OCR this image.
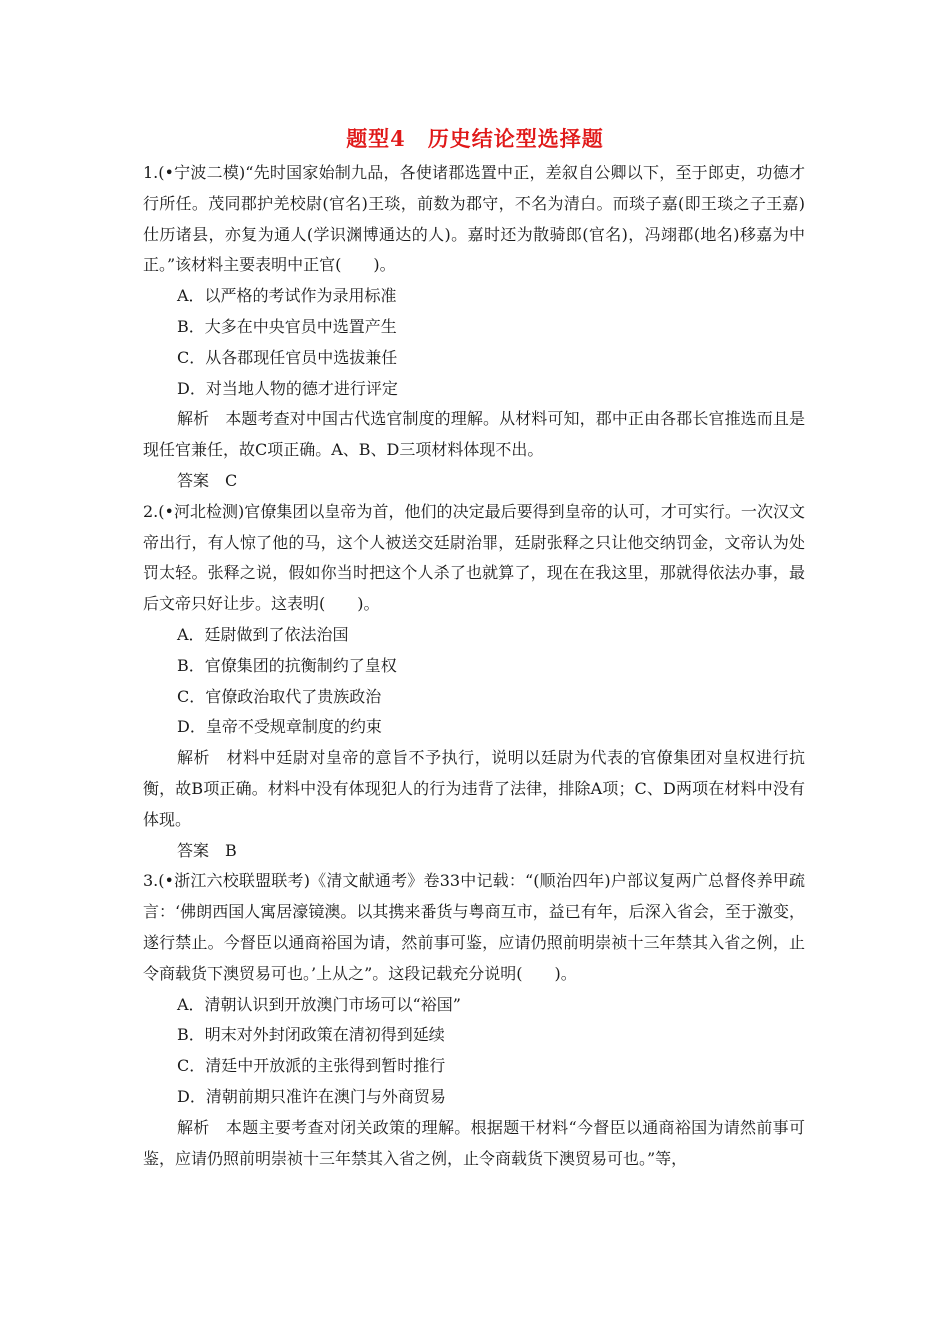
题型4 历史结论型选择题

1.(•宁波二模)“先时国家始制九品，各使诸郡选置中正，差叙自公卿以下，至于郎吏，功德才行所任。茂同郡护羌校尉(官名)王琰，前数为郡守，不名为清白。而琰子嘉(即王琰之子王嘉)仕历诸县，亦复为通人(学识渊博通达的人)。嘉时还为散骑郎(官名)，冯翊郡(地名)移嘉为中正。”该材料主要表明中正官(　　)。

A．以严格的考试作为录用标准

B．大多在中央官员中选置产生

C．从各郡现任官员中选拔兼任

D．对当地人物的德才进行评定

解析　本题考查对中国古代选官制度的理解。从材料可知，郡中正由各郡长官推选而且是现任官兼任，故C项正确。A、B、D三项材料体现不出。

答案　C

2.(•河北检测)官僚集团以皇帝为首，他们的决定最后要得到皇帝的认可，才可实行。一次汉文帝出行，有人惊了他的马，这个人被送交廷尉治罪，廷尉张释之只让他交纳罚金，文帝认为处罚太轻。张释之说，假如你当时把这个人杀了也就算了，现在在我这里，那就得依法办事，最后文帝只好让步。这表明(　　)。

A．廷尉做到了依法治国

B．官僚集团的抗衡制约了皇权

C．官僚政治取代了贵族政治

D．皇帝不受规章制度的约束

解析　材料中廷尉对皇帝的意旨不予执行，说明以廷尉为代表的官僚集团对皇权进行抗衡，故B项正确。材料中没有体现犯人的行为违背了法律，排除A项；C、D两项在材料中没有体现。

答案　B

3.(•浙江六校联盟联考)《清文献通考》卷33中记载：“(顺治四年)户部议复两广总督佟养甲疏言：‘佛朗西国人寓居濠镜澳。以其携来番货与粤商互市，益已有年，后深入省会，至于激变，遂行禁止。今督臣以通商裕国为请，然前事可鉴，应请仍照前明崇祯十三年禁其入省之例，止令商载货下澳贸易可也。’上从之”。这段记载充分说明(　　)。

A．清朝认识到开放澳门市场可以“裕国”

B．明末对外封闭政策在清初得到延续

C．清廷中开放派的主张得到暂时推行

D．清朝前期只准许在澳门与外商贸易

解析　本题主要考查对闭关政策的理解。根据题干材料“今督臣以通商裕国为请然前事可鉴，应请仍照前明崇祯十三年禁其入省之例，止令商载货下澳贸易可也。”等，
